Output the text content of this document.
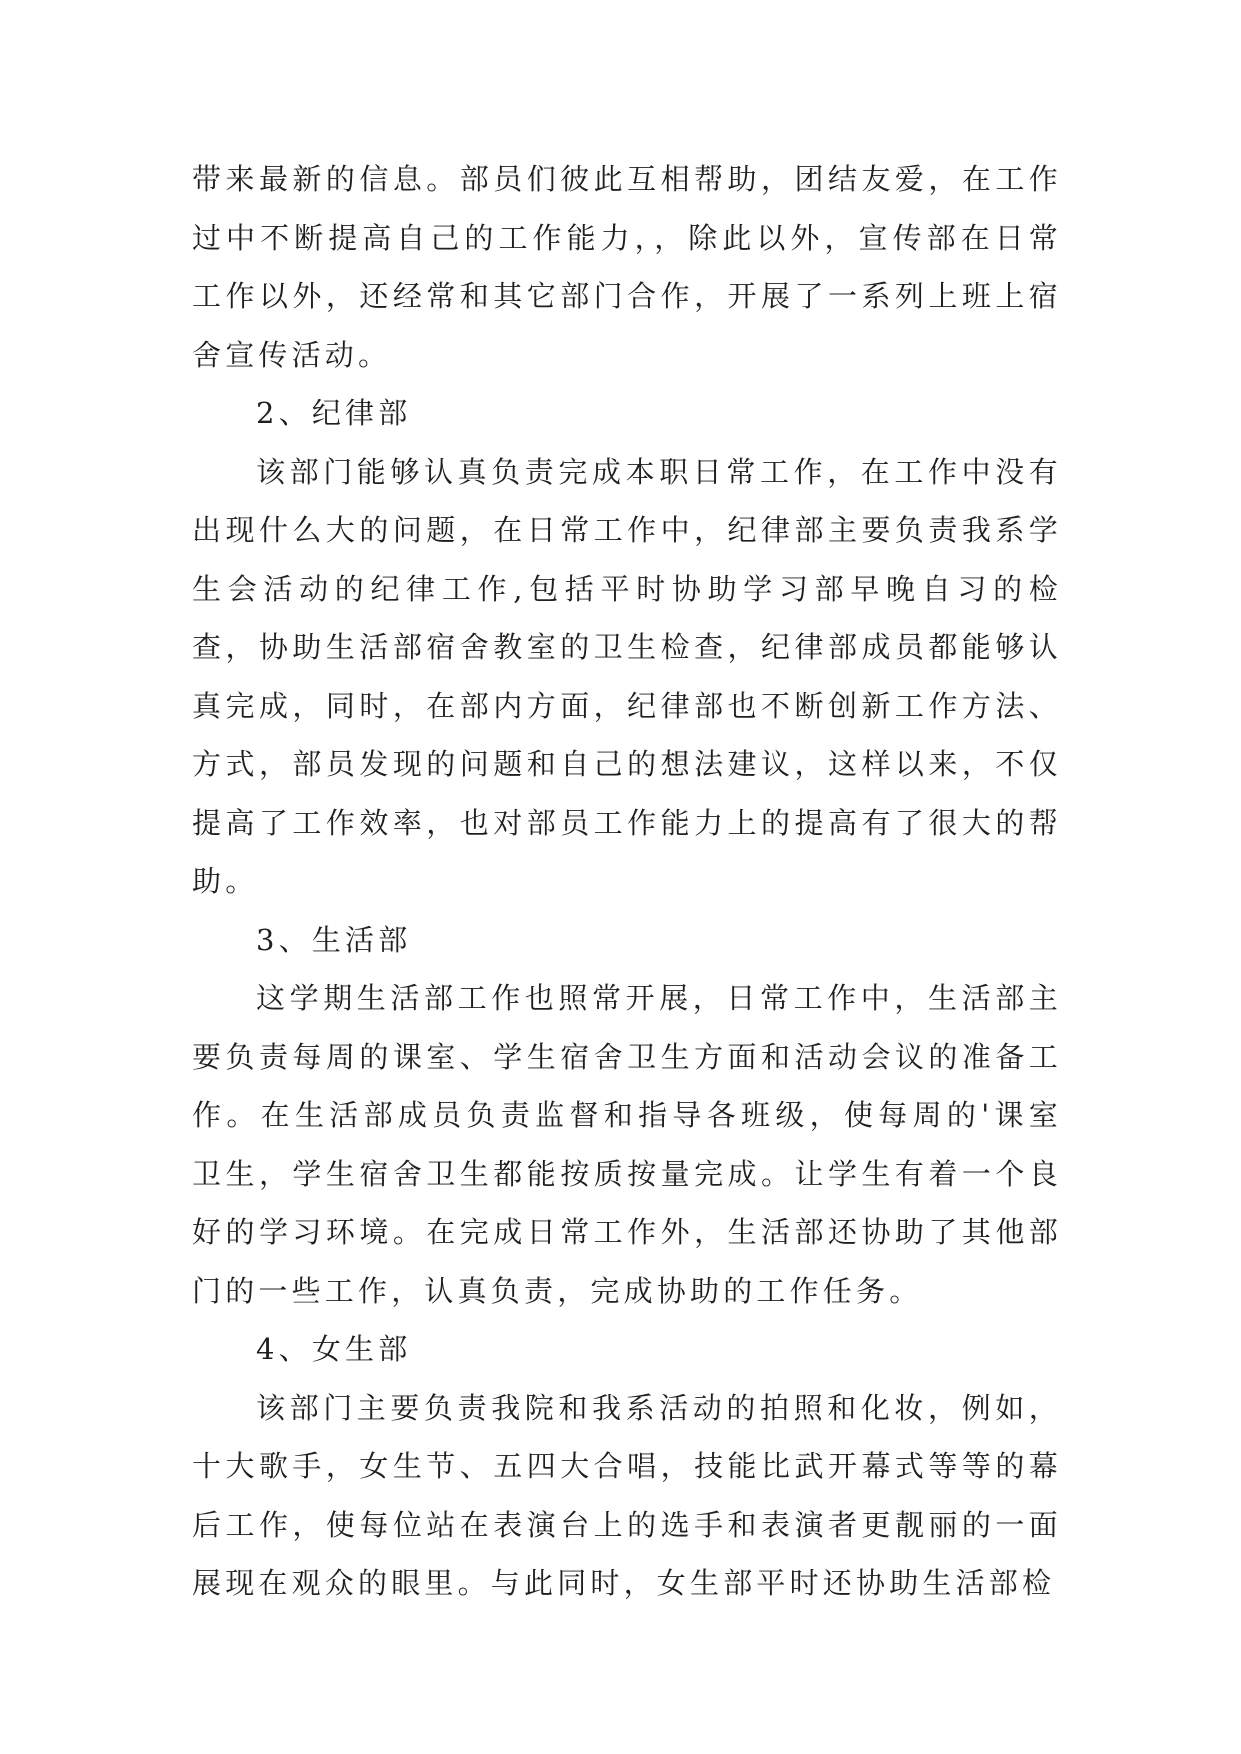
带来最新的信息。部员们彼此互相帮助，团结友爱，在工作过中不断提高自己的工作能力，，除此以外，宣传部在日常工作以外，还经常和其它部门合作，开展了一系列上班上宿舍宣传活动。

2、纪律部

该部门能够认真负责完成本职日常工作，在工作中没有出现什么大的问题，在日常工作中，纪律部主要负责我系学生会活动的纪律工作,包括平时协助学习部早晚自习的检查，协助生活部宿舍教室的卫生检查，纪律部成员都能够认真完成，同时，在部内方面，纪律部也不断创新工作方法、方式，部员发现的问题和自己的想法建议，这样以来，不仅提高了工作效率，也对部员工作能力上的提高有了很大的帮助。

3、生活部

这学期生活部工作也照常开展，日常工作中，生活部主要负责每周的课室、学生宿舍卫生方面和活动会议的准备工作。在生活部成员负责监督和指导各班级，使每周的'课室卫生，学生宿舍卫生都能按质按量完成。让学生有着一个良好的学习环境。在完成日常工作外，生活部还协助了其他部门的一些工作，认真负责，完成协助的工作任务。

4、女生部

该部门主要负责我院和我系活动的拍照和化妆，例如，十大歌手，女生节、五四大合唱，技能比武开幕式等等的幕后工作，使每位站在表演台上的选手和表演者更靓丽的一面展现在观众的眼里。与此同时，女生部平时还协助生活部检
